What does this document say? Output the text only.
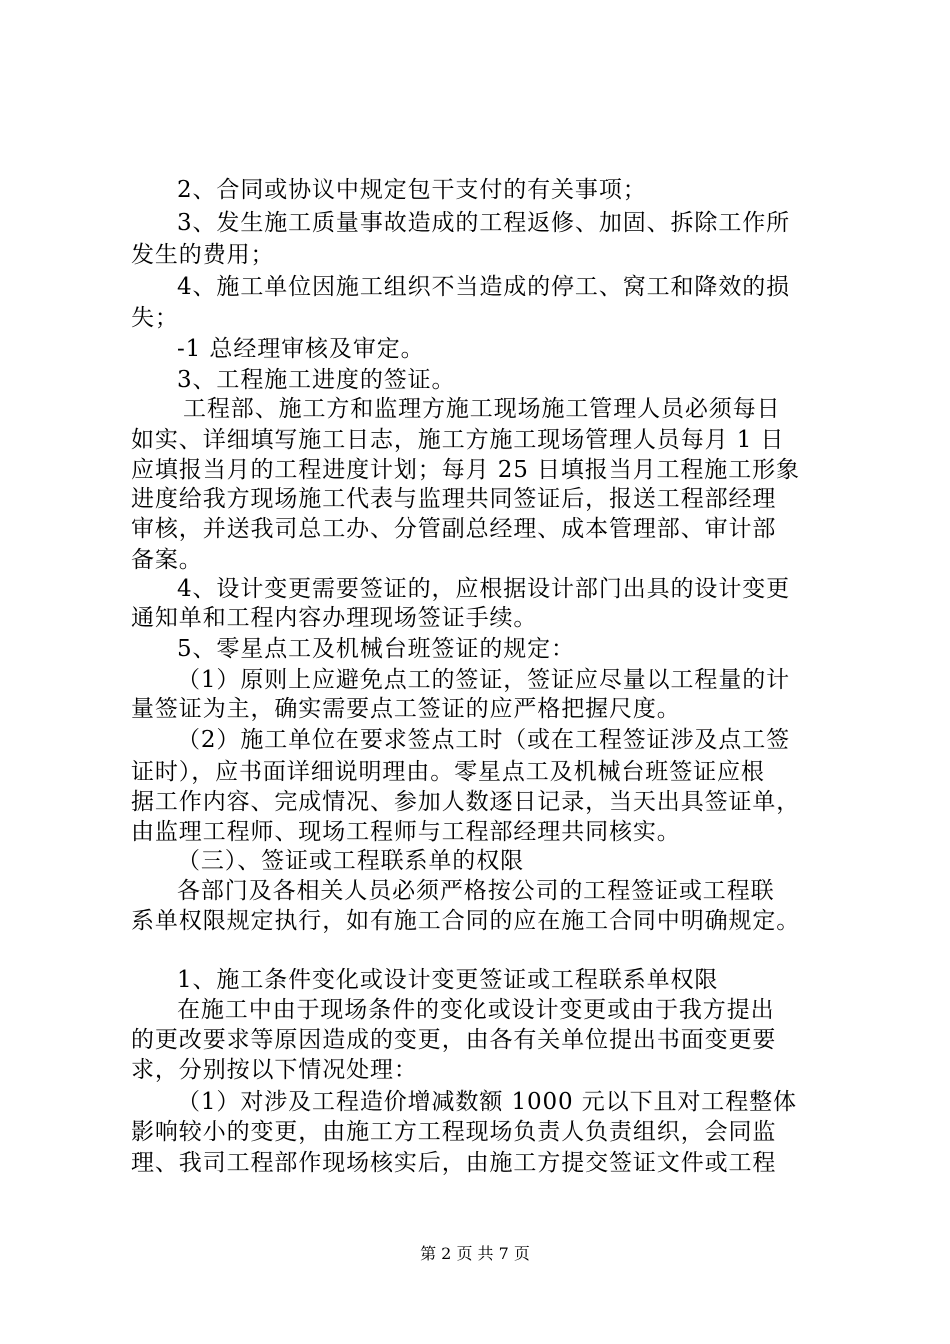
2、合同或协议中规定包干支付的有关事项；
3、发生施工质量事故造成的工程返修、加固、拆除工作所
发生的费用；
4、施工单位因施工组织不当造成的停工、窝工和降效的损
失；
-1 总经理审核及审定。
3、工程施工进度的签证。
工程部、施工方和监理方施工现场施工管理人员必须每日
如实、详细填写施工日志，施工方施工现场管理人员每月 1 日
应填报当月的工程进度计划；每月 25 日填报当月工程施工形象
进度给我方现场施工代表与监理共同签证后，报送工程部经理
审核，并送我司总工办、分管副总经理、成本管理部、审计部
备案。
4、设计变更需要签证的，应根据设计部门出具的设计变更
通知单和工程内容办理现场签证手续。
5、零星点工及机械台班签证的规定：
（1）原则上应避免点工的签证，签证应尽量以工程量的计
量签证为主，确实需要点工签证的应严格把握尺度。
（2）施工单位在要求签点工时（或在工程签证涉及点工签
证时），应书面详细说明理由。零星点工及机械台班签证应根
据工作内容、完成情况、参加人数逐日记录，当天出具签证单，
由监理工程师、现场工程师与工程部经理共同核实。
（三）、签证或工程联系单的权限
各部门及各相关人员必须严格按公司的工程签证或工程联
系单权限规定执行，如有施工合同的应在施工合同中明确规定。
1、施工条件变化或设计变更签证或工程联系单权限
在施工中由于现场条件的变化或设计变更或由于我方提出
的更改要求等原因造成的变更，由各有关单位提出书面变更要
求，分别按以下情况处理：
（1）对涉及工程造价增减数额 1000 元以下且对工程整体
影响较小的变更，由施工方工程现场负责人负责组织，会同监
理、我司工程部作现场核实后，由施工方提交签证文件或工程
第 2 页 共 7 页
